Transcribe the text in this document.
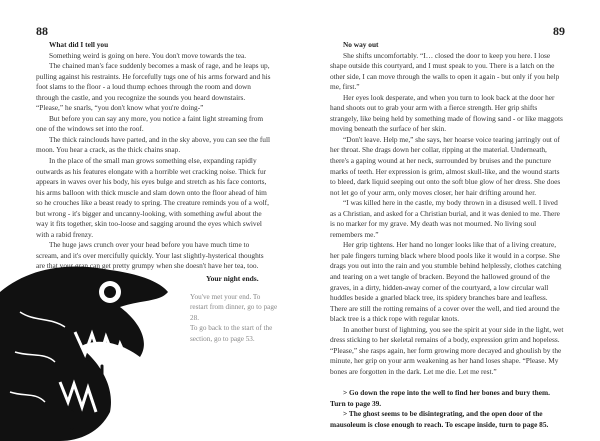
88
What did I tell you

Something weird is going on here. You don't move towards the tea.

The chained man's face suddenly becomes a mask of rage, and he leaps up, pulling against his restraints. He forcefully tugs one of his arms forward and his foot slams to the floor - a loud thump echoes through the room and down through the castle, and you recognize the sounds you heard downstairs. “Please,” he snarls, “you don't know what you're doing-”

But before you can say any more, you notice a faint light streaming from one of the windows set into the roof.

The thick rainclouds have parted, and in the sky above, you can see the full moon. You hear a crack, as the thick chains snap.

In the place of the small man grows something else, expanding rapidly outwards as his features elongate with a horrible wet cracking noise. Thick fur appears in waves over his body, his eyes bulge and stretch as his face contorts, his arms balloon with thick muscle and slam down onto the floor ahead of him so he crouches like a beast ready to spring. The creature reminds you of a wolf, but wrong - it's bigger and uncanny-looking, with something awful about the way it fits together, skin too-loose and sagging around the eyes which swivel with a rabid frenzy.

The huge jaws crunch over your head before you have much time to scream, and it's over mercifully quickly. Your last slightly-hysterical thoughts are that your gran can get pretty grumpy when she doesn't have her tea, too.

Your night ends.
You've met your end. To restart from dinner, go to page 28.
To go back to the start of the section, go to page 53.
89
No way out

She shifts uncomfortably. “I… closed the door to keep you here. I lose shape outside this courtyard, and I must speak to you. There is a latch on the other side, I can move through the walls to open it again - but only if you help me, first.”

Her eyes look desperate, and when you turn to look back at the door her hand shoots out to grab your arm with a fierce strength. Her grip shifts strangely, like being held by something made of flowing sand - or like maggots moving beneath the surface of her skin.

“Don't leave. Help me,” she says, her hoarse voice tearing jarringly out of her throat. She drags down her collar, ripping at the material. Underneath, there's a gaping wound at her neck, surrounded by bruises and the puncture marks of teeth. Her expression is grim, almost skull-like, and the wound starts to bleed, dark liquid seeping out onto the soft blue glow of her dress. She does not let go of your arm, only moves closer, her hair drifting around her.

“I was killed here in the castle, my body thrown in a disused well. I lived as a Christian, and asked for a Christian burial, and it was denied to me. There is no marker for my grave. My death was not mourned. No living soul remembers me.”

Her grip tightens. Her hand no longer looks like that of a living creature, her pale fingers turning black where blood pools like it would in a corpse. She drags you out into the rain and you stumble behind helplessly, clothes catching and tearing on a wet tangle of bracken. Beyond the hallowed ground of the graves, in a dirty, hidden-away corner of the courtyard, a low circular wall huddles beside a gnarled black tree, its spidery branches bare and leafless. There are still the rotting remains of a cover over the well, and tied around the black tree is a thick rope with regular knots.

In another burst of lightning, you see the spirit at your side in the light, wet dress sticking to her skeletal remains of a body, expression grim and hopeless. “Please,” she rasps again, her form growing more decayed and ghoulish by the minute, her grip on your arm weakening as her hand loses shape. “Please. My bones are forgotten in the dark. Let me die. Let me rest.”

> Go down the rope into the well to find her bones and bury them. Turn to page 39.

> The ghost seems to be disintegrating, and the open door of the mausoleum is close enough to reach. To escape inside, turn to page 85.
